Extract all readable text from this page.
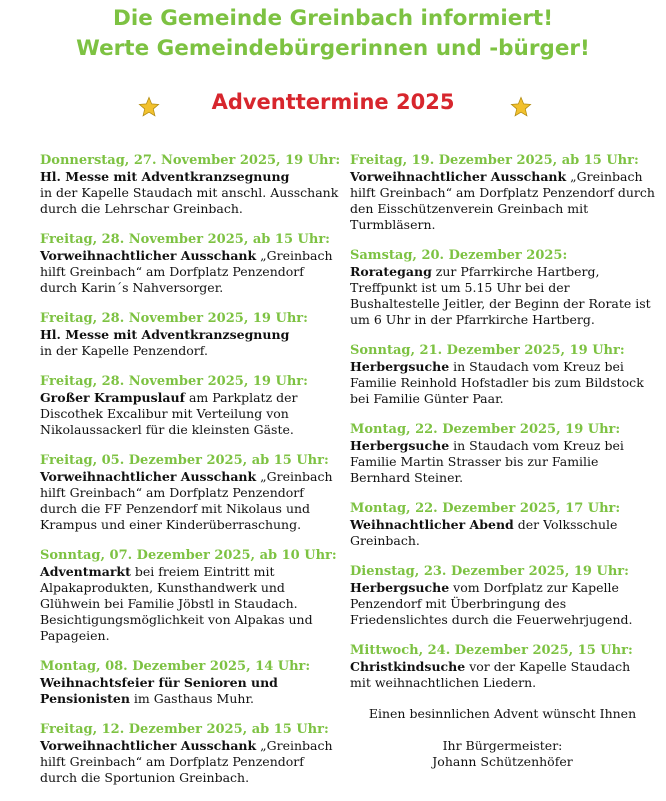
Die Gemeinde Greinbach informiert!
Werte Gemeindebürgerinnen und -bürger!
Adventtermine 2025
Donnerstag, 27. November 2025, 19 Uhr:
Hl. Messe mit Adventkranzsegnung
in der Kapelle Staudach mit anschl. Ausschank durch die Lehrschar Greinbach.
Freitag, 28. November 2025, ab 15 Uhr:
Vorweihnachtlicher Ausschank „Greinbach hilft Greinbach“ am Dorfplatz Penzendorf durch Karin´s Nahversorger.
Freitag, 28. November 2025, 19 Uhr:
Hl. Messe mit Adventkranzsegnung
in der Kapelle Penzendorf.
Freitag, 28. November 2025, 19 Uhr:
Großer Krampuslauf am Parkplatz der Discothek Excalibur mit Verteilung von Nikolaussackerl für die kleinsten Gäste.
Freitag, 05. Dezember 2025, ab 15 Uhr:
Vorweihnachtlicher Ausschank „Greinbach hilft Greinbach“ am Dorfplatz Penzendorf durch die FF Penzendorf mit Nikolaus und Krampus und einer Kinderüberraschung.
Sonntag, 07. Dezember 2025, ab 10 Uhr:
Adventmarkt bei freiem Eintritt mit Alpakaprodukten, Kunsthandwerk und Glühwein bei Familie Jöbstl in Staudach. Besichtigungsmöglichkeit von Alpakas und Papageien.
Montag, 08. Dezember 2025, 14 Uhr:
Weihnachtsfeier für Senioren und Pensionisten im Gasthaus Muhr.
Freitag, 12. Dezember 2025, ab 15 Uhr:
Vorweihnachtlicher Ausschank „Greinbach hilft Greinbach“ am Dorfplatz Penzendorf durch die Sportunion Greinbach.
Freitag, 19. Dezember 2025, ab 15 Uhr:
Vorweihnachtlicher Ausschank „Greinbach hilft Greinbach“ am Dorfplatz Penzendorf durch den Eisschützenverein Greinbach mit Turmbläsern.
Samstag, 20. Dezember 2025:
Rorategang zur Pfarrkirche Hartberg, Treffpunkt ist um 5.15 Uhr bei der Bushaltestelle Jeitler, der Beginn der Rorate ist um 6 Uhr in der Pfarrkirche Hartberg.
Sonntag, 21. Dezember 2025, 19 Uhr:
Herbergsuche in Staudach vom Kreuz bei Familie Reinhold Hofstadler bis zum Bildstock bei Familie Günter Paar.
Montag, 22. Dezember 2025, 19 Uhr:
Herbergsuche in Staudach vom Kreuz bei Familie Martin Strasser bis zur Familie Bernhard Steiner.
Montag, 22. Dezember 2025, 17 Uhr:
Weihnachtlicher Abend der Volksschule Greinbach.
Dienstag, 23. Dezember 2025, 19 Uhr:
Herbergsuche vom Dorfplatz zur Kapelle Penzendorf mit Überbringung des Friedenslichtes durch die Feuerwehrjugend.
Mittwoch, 24. Dezember 2025, 15 Uhr:
Christkindsuche vor der Kapelle Staudach mit weihnachtlichen Liedern.
Einen besinnlichen Advent wünscht Ihnen
Ihr Bürgermeister:
Johann Schützenhöfer
